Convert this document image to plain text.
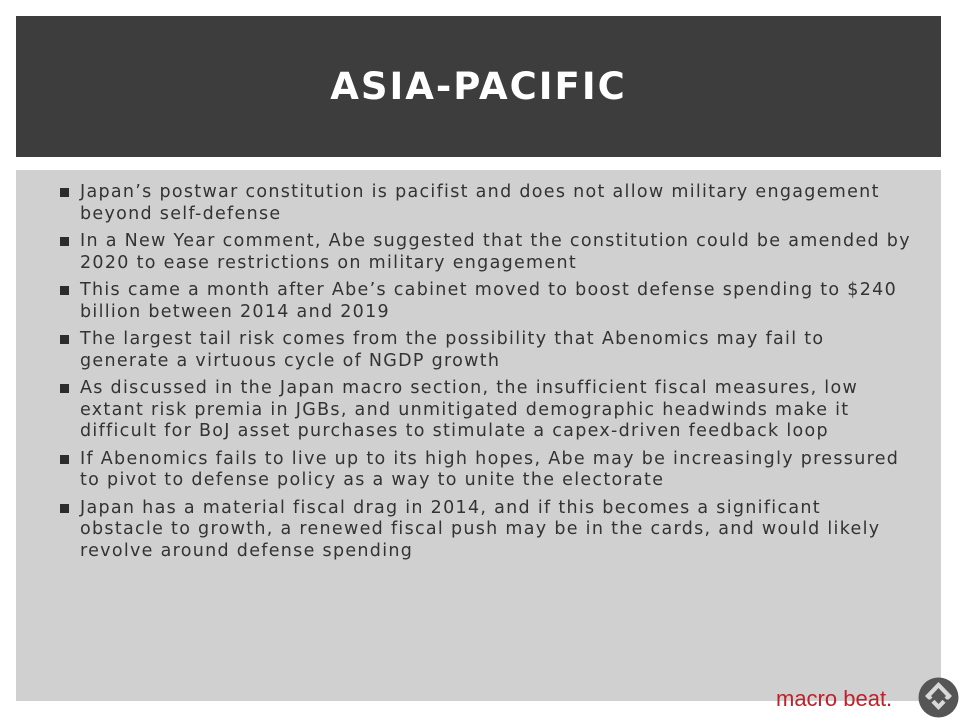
ASIA-PACIFIC
Japan’s postwar constitution is pacifist and does not allow military engagement beyond self-defense
In a New Year comment, Abe suggested that the constitution could be amended by 2020 to ease restrictions on military engagement
This came a month after Abe’s cabinet moved to boost defense spending to $240 billion between 2014 and 2019
The largest tail risk comes from the possibility that Abenomics may fail to generate a virtuous cycle of NGDP growth
As discussed in the Japan macro section, the insufficient fiscal measures, low extant risk premia in JGBs, and unmitigated demographic headwinds make it difficult for BoJ asset purchases to stimulate a capex-driven feedback loop
If Abenomics fails to live up to its high hopes, Abe may be increasingly pressured to pivot to defense policy as a way to unite the electorate
Japan has a material fiscal drag in 2014, and if this becomes a significant obstacle to growth, a renewed fiscal push may be in the cards, and would likely revolve around defense spending
macro beat.
